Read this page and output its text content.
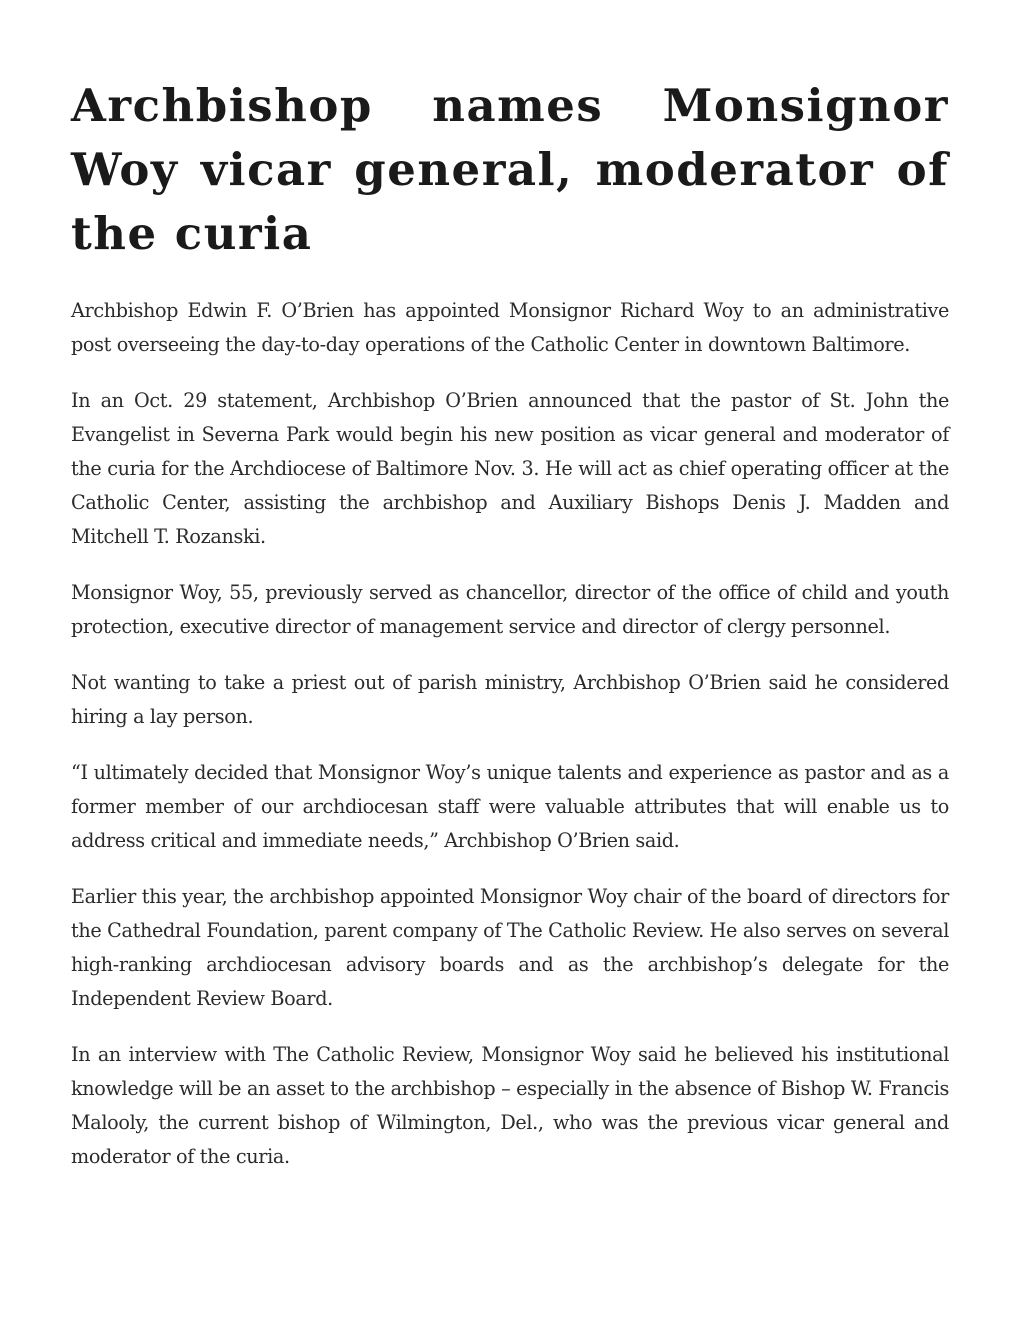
Archbishop names Monsignor Woy vicar general, moderator of the curia

Archbishop Edwin F. O’Brien has appointed Monsignor Richard Woy to an administrative post overseeing the day-to-day operations of the Catholic Center in downtown Baltimore.

In an Oct. 29 statement, Archbishop O’Brien announced that the pastor of St. John the Evangelist in Severna Park would begin his new position as vicar general and moderator of the curia for the Archdiocese of Baltimore Nov. 3. He will act as chief operating officer at the Catholic Center, assisting the archbishop and Auxiliary Bishops Denis J. Madden and Mitchell T. Rozanski.

Monsignor Woy, 55, previously served as chancellor, director of the office of child and youth protection, executive director of management service and director of clergy personnel.

Not wanting to take a priest out of parish ministry, Archbishop O’Brien said he considered hiring a lay person.

“I ultimately decided that Monsignor Woy’s unique talents and experience as pastor and as a former member of our archdiocesan staff were valuable attributes that will enable us to address critical and immediate needs,” Archbishop O’Brien said.

Earlier this year, the archbishop appointed Monsignor Woy chair of the board of directors for the Cathedral Foundation, parent company of The Catholic Review. He also serves on several high-ranking archdiocesan advisory boards and as the archbishop’s delegate for the Independent Review Board.

In an interview with The Catholic Review, Monsignor Woy said he believed his institutional knowledge will be an asset to the archbishop – especially in the absence of Bishop W. Francis Malooly, the current bishop of Wilmington, Del., who was the previous vicar general and moderator of the curia.
